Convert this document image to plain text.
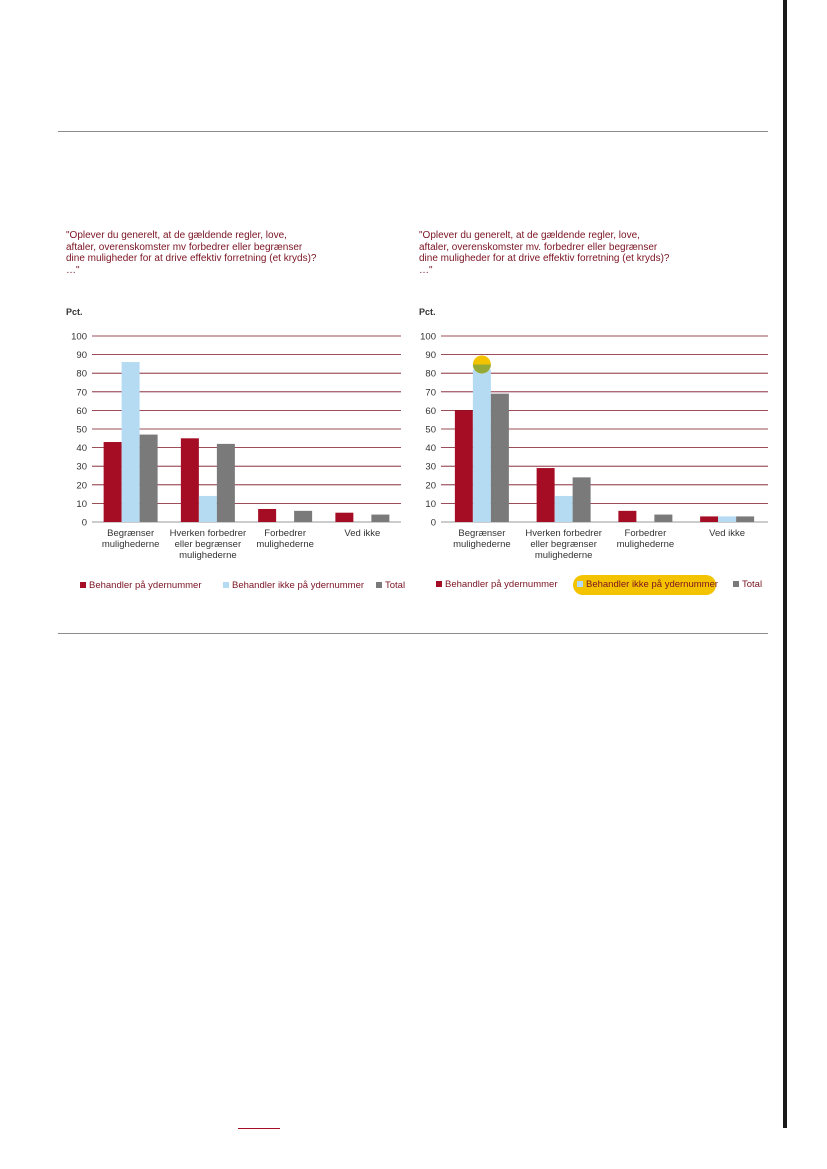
"Oplever du generelt, at de gældende regler, love,
aftaler, overenskomster mv forbedrer eller begrænser
dine muligheder for at drive effektiv forretning (et kryds)?
…"
Pct.
0
10
20
30
40
50
60
70
80
90
100
Begrænser mulighederne
Hverken forbedrer eller begrænser mulighederne
Forbedrer mulighederne
Ved ikke
Behandler på ydernummer	Behandler ikke på ydernummer Total
"Oplever du generelt, at de gældende regler, love,
aftaler, overenskomster mv. forbedrer eller begrænser
dine muligheder for at drive effektiv forretning (et kryds)?
…"
Pct.
0
10
20
30
40
50
60
70
80
90
100
Begrænser mulighederne
Hverken forbedrer eller begrænser mulighederne
Forbedrer mulighederne
Ved ikke
Behandler på ydernummer	Behandler ikke på ydernummer	Total
